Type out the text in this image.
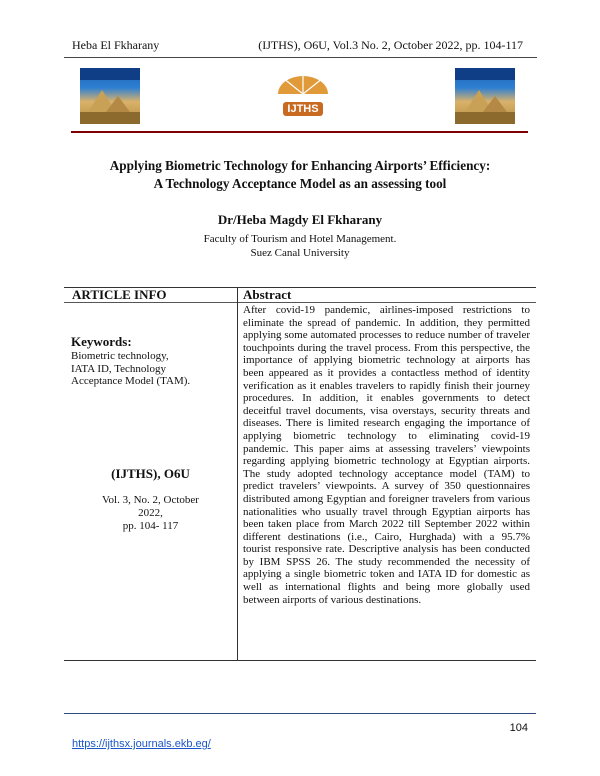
Heba El Fkharany	(IJTHS), O6U, Vol.3 No. 2, October 2022, pp. 104-117
IJTHS
Applying Biometric Technology for Enhancing Airports’ Efficiency:
A Technology Acceptance Model as an assessing tool
Dr/Heba Magdy El Fkharany
Faculty of Tourism and Hotel Management.
Suez Canal University
ARTICLE INFO	Abstract
Keywords:
Biometric technology,
IATA ID, Technology
Acceptance Model (TAM).
(IJTHS), O6U
Vol. 3, No. 2, October
2022,
pp. 104- 117
After covid-19 pandemic, airlines-imposed restrictions to eliminate the spread of pandemic. In addition, they permitted applying some automated processes to reduce number of traveler touchpoints during the travel process. From this perspective, the importance of applying biometric technology at airports has been appeared as it provides a contactless method of identity verification as it enables travelers to rapidly finish their journey procedures. In addition, it enables governments to detect deceitful travel documents, visa overstays, security threats and diseases. There is limited research engaging the importance of applying biometric technology to eliminating covid-19 pandemic. This paper aims at assessing travelers’ viewpoints regarding applying biometric technology at Egyptian airports. The study adopted technology acceptance model (TAM) to predict travelers’ viewpoints. A survey of 350 questionnaires distributed among Egyptian and foreigner travelers from various nationalities who usually travel through Egyptian airports has been taken place from March 2022 till September 2022 within different destinations (i.e., Cairo, Hurghada) with a 95.7% tourist responsive rate. Descriptive analysis has been conducted by IBM SPSS 26. The study recommended the necessity of applying a single biometric token and IATA ID for domestic as well as international flights and being more globally used between airports of various destinations.
104
https://ijthsx.journals.ekb.eg/
